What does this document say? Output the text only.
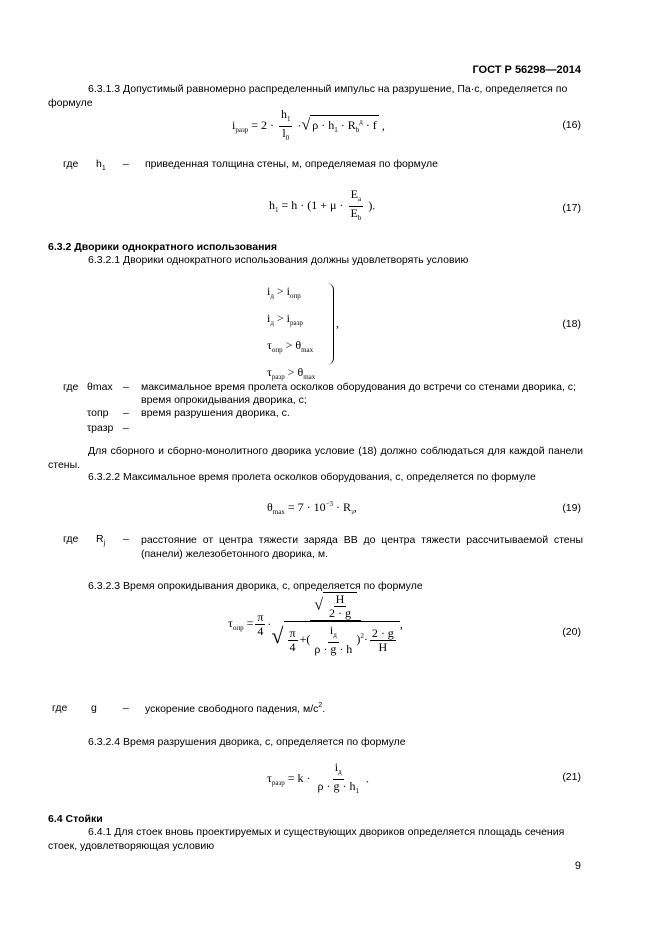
ГОСТ Р 56298—2014
6.3.1.3 Допустимый равномерно распределенный импульс на разрушение, Па·с, определяется по формуле
$i_{разр} = 2 \cdot \frac{h_1}{l_0}$ ·√ $\rho \cdot h_1 \cdot R_b^д \cdot f$ ,	(16)
где $h_1$ – приведенная толщина стены, м, определяемая по формуле
$h_1 = h \cdot (1 + \mu \cdot \frac{E_а}{E_b}$ ).	(17)
6.3.2 Дворики однократного использования
6.3.2.1 Дворики однократного использования должны удовлетворять условию
$i_д > i_{опр}$
$i_д > i_{разр}$
$\tau_{опр} > \theta_{max}$
$\tau_{разр} > \theta_{max}$
,	(18)
где θmax – максимальное время пролета осколков оборудования до встречи со стенами дворика, с;
время опрокидывания дворика, с;
τопр – время разрушения дворика, с.
τразр –
Для сборного и сборно-монолитного дворика условие (18) должно соблюдаться для каждой панели стены.
6.3.2.2 Максимальное время пролета осколков оборудования, с, определяется по формуле
$\theta_{max} = 7 \cdot 10^{-3} \cdot R_з$,	(19)
где $R_j$ – расстояние от центра тяжести заряда ВВ до центра тяжести рассчитываемой стены (панели) железобетонного дворика, м.
6.3.2.3 Время опрокидывания дворика, с, определяется по формуле
$\tau_{опр} = \frac{\pi}{4}$ ·
√ $\frac{H}{2 \cdot g}$
√ $\frac{\pi}{4}$ +( $\frac{i_д}{\rho \cdot g \cdot h} )^2\cdot \frac{2 \cdot g}{H}$
,
(20)
где g – ускорение свободного падения, $м/с^2$.
6.3.2.4 Время разрушения дворика, с, определяется по формуле
$\tau_{разр} = k \cdot \frac{i_д}{\rho \cdot g \cdot h_1}$ .	(21)
6.4 Стойки
6.4.1 Для стоек вновь проектируемых и существующих двориков определяется площадь сечения стоек, удовлетворяющая условию
9
